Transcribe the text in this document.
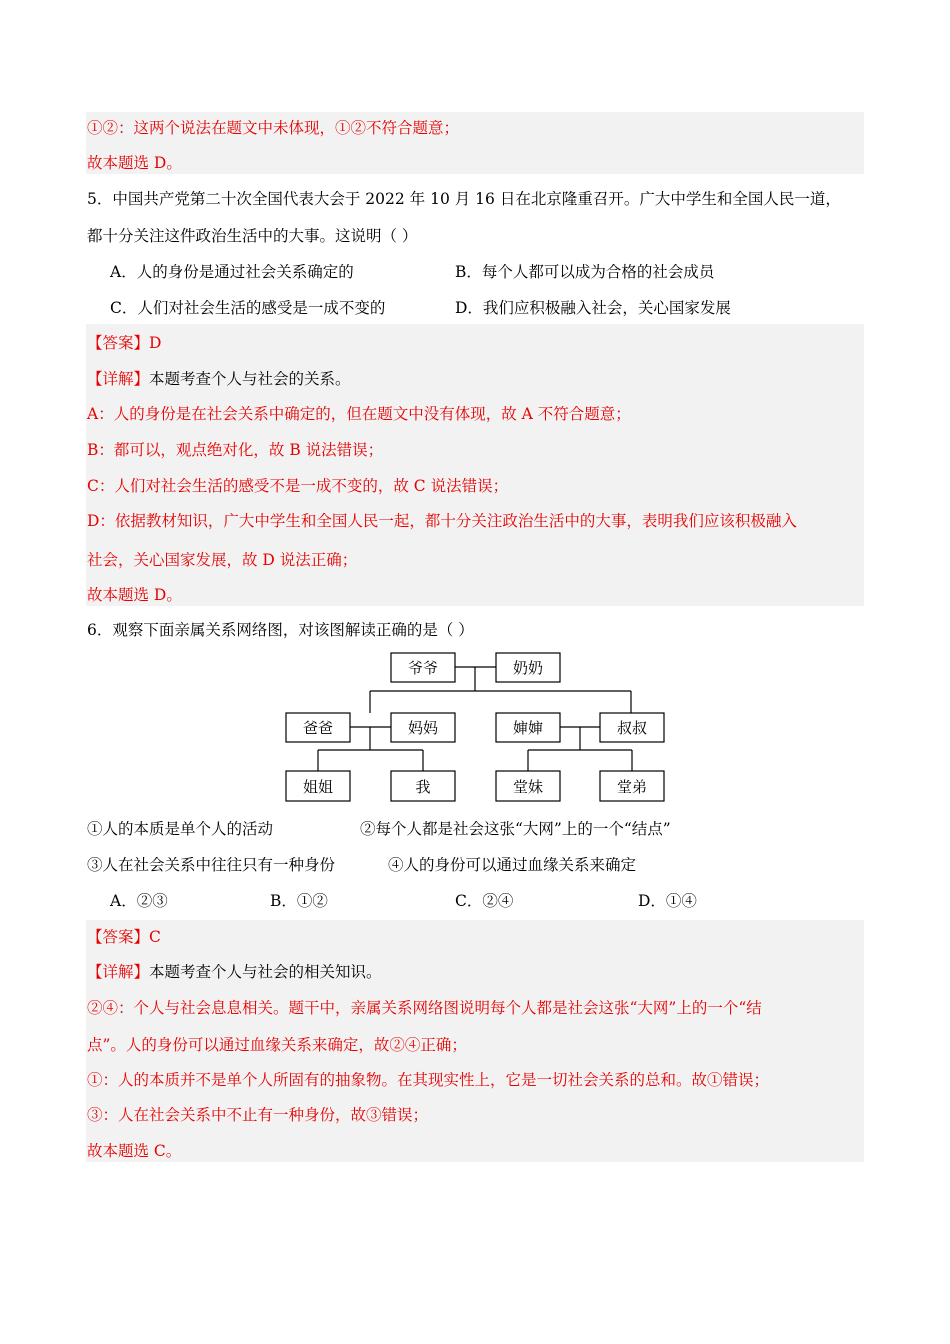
①②：这两个说法在题文中未体现，①②不符合题意；
故本题选 D。
5．中国共产党第二十次全国代表大会于 2022 年 10 月 16 日在北京隆重召开。广大中学生和全国人民一道，
都十分关注这件政治生活中的大事。这说明（ ）
A．人的身份是通过社会关系确定的	B．每个人都可以成为合格的社会成员
C．人们对社会生活的感受是一成不变的	D．我们应积极融入社会，关心国家发展
【答案】D
【详解】本题考查个人与社会的关系。
A：人的身份是在社会关系中确定的，但在题文中没有体现，故 A 不符合题意；
B：都可以，观点绝对化，故 B 说法错误；
C：人们对社会生活的感受不是一成不变的，故 C 说法错误；
D：依据教材知识，广大中学生和全国人民一起，都十分关注政治生活中的大事，表明我们应该积极融入
社会，关心国家发展，故 D 说法正确；
故本题选 D。
6．观察下面亲属关系网络图，对该图解读正确的是（ ）
爷爷	奶奶
爸爸	妈妈	婶婶	叔叔
姐姐	我	堂妹	堂弟
①人的本质是单个人的活动	②每个人都是社会这张“大网”上的一个“结点”
③人在社会关系中往往只有一种身份	④人的身份可以通过血缘关系来确定
A．②③	B．①②	C．②④	D．①④
【答案】C
【详解】本题考查个人与社会的相关知识。
②④：个人与社会息息相关。题干中，亲属关系网络图说明每个人都是社会这张“大网”上的一个“结
点”。人的身份可以通过血缘关系来确定，故②④正确；
①：人的本质并不是单个人所固有的抽象物。在其现实性上，它是一切社会关系的总和。故①错误；
③：人在社会关系中不止有一种身份，故③错误；
故本题选 C。
